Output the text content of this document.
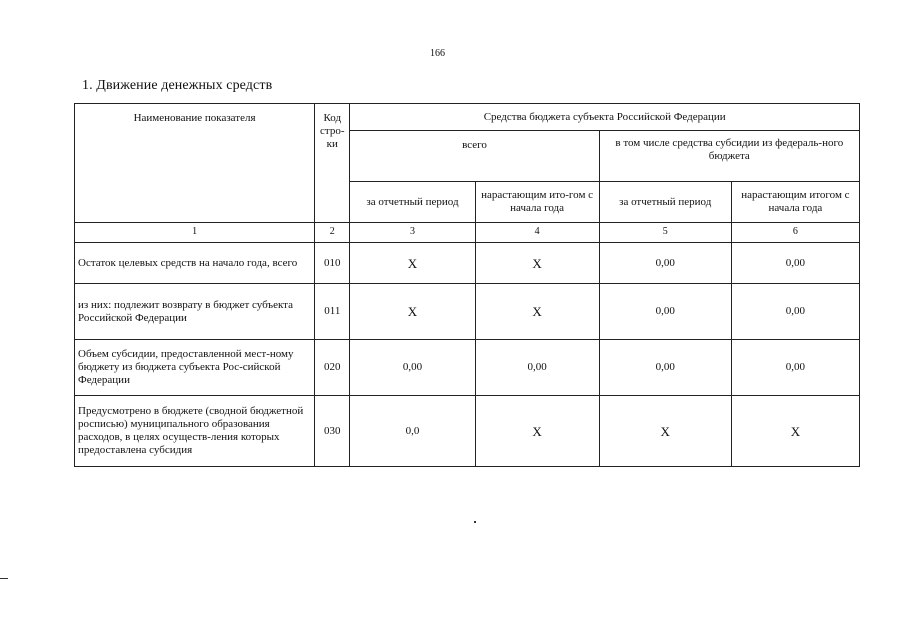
166
1. Движение денежных средств
Наименование показателя	Код стро-ки	Средства бюджета субъекта Российской Федерации			
		всего		в том числе средства субсидии из федераль-ного бюджета	
		за отчетный период	нарастающим ито-гом с начала года	за отчетный период	нарастающим итогом с начала года
1	2	3	4	5	6
Остаток целевых средств на начало года, всего	010	X	X	0,00	0,00
из них: подлежит возврату в бюджет субъекта Российской Федерации	011	X	X	0,00	0,00
Объем субсидии, предоставленной мест-ному бюджету из бюджета субъекта Рос-сийской Федерации	020	0,00	0,00	0,00	0,00
Предусмотрено в бюджете (сводной бюджетной росписью) муниципального образования расходов, в целях осуществ-ления которых предоставлена субсидия	030	0,0	X	X	X
